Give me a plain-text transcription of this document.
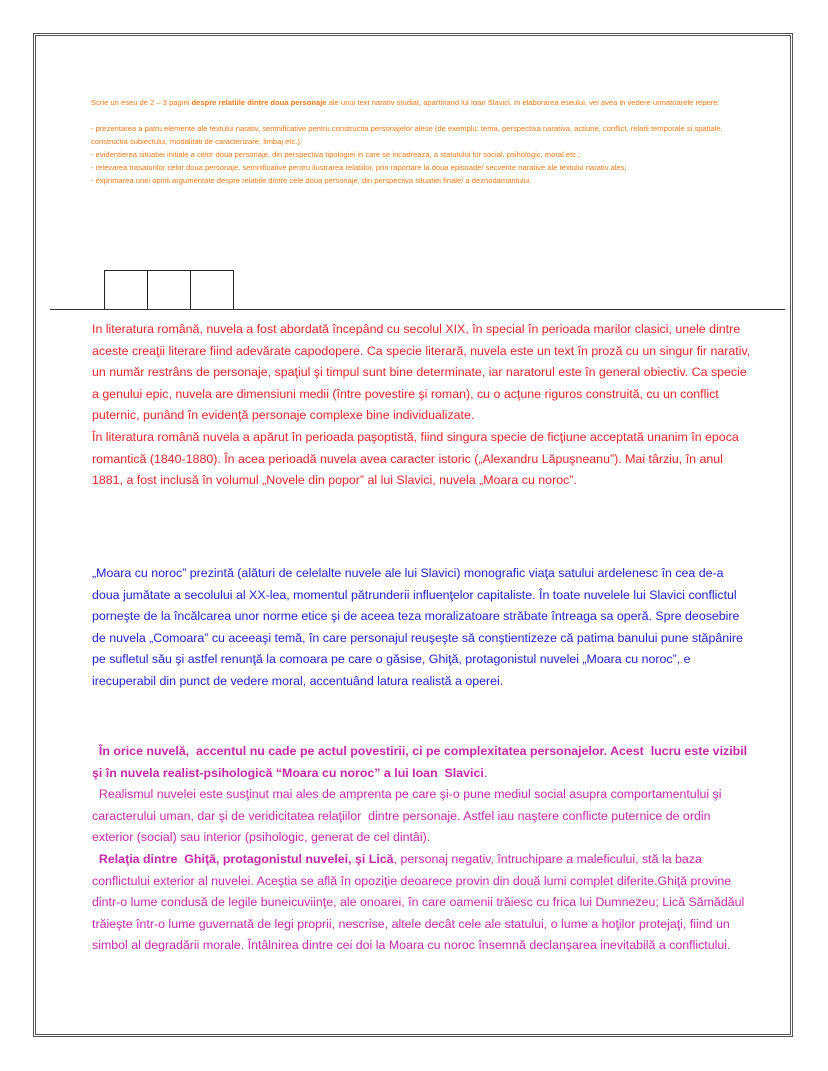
Scrie un eseu de 2 – 3 pagini despre relatiile dintre doua personaje ale unui text narativ studiat, apartinand lui Ioan Slavici. In elaborarea eseului, vei avea in vedere urmatoarele repere:

- prezentarea a patru elemente ale textului narativ, semnificative pentru constructia personajelor alese (de exemplu: tema, perspectiva narativa, actiune, conflict, relatii temporale si spatiale, constructia subiectului, modalitati de caracterizare, limbaj etc.);

- evidentierea situatiei initiale a celor doua personaje, din perspectiva tipologiei in care se incadreaza, a statutului lor social, psihologic, moral etc.;

- relevarea trasaturilor celor doua personaje, semnificative pentru ilustrarea relatiilor, prin raportare la doua episoade/ secvente narative ale textului narativ ales;

- exprimarea unei opinii argumentate despre relatiile dintre cele doua personaje, din perspectiva situatiei finale/ a deznodamantului.

In literatura română, nuvela a fost abordată începând cu secolul XIX, în special în perioada marilor clasici, unele dintre aceste creaţii literare fiind adevărate capodopere. Ca specie literară, nuvela este un text în proză cu un singur fir narativ, un număr restrâns de personaje, spaţiul şi timpul sunt bine determinate, iar naratorul este în general obiectiv. Ca specie a genului epic, nuvela are dimensiuni medii (între povestire şi roman), cu o acţune riguros construită, cu un conflict puternic, punând în evidenţă personaje complexe bine individualizate.

În literatura română nuvela a apărut în perioada paşoptistă, fiind singura specie de ficţiune acceptată unanim în epoca romantică (1840-1880). În acea perioadă nuvela avea caracter istoric („Alexandru Lăpuşneanu”). Mai târziu, în anul 1881, a fost inclusă în volumul „Novele din popor” al lui Slavici, nuvela „Moara cu noroc”.

„Moara cu noroc” prezintă (alături de celelalte nuvele ale lui Slavici) monografic viaţa satului ardelenesc în cea de-a doua jumătate a secolului al XX-lea, momentul pătrunderii influenţelor capitaliste. În toate nuvelele lui Slavici conflictul porneşte de la încălcarea unor norme etice şi de aceea teza moralizatoare străbate întreaga sa operă. Spre deosebire de nuvela „Comoara” cu aceeaşi temă, în care personajul reuşeşte să conştientizeze că patima banului pune stăpânire pe sufletul său şi astfel renunţă la comoara pe care o găsise, Ghiţă, protagonistul nuvelei „Moara cu noroc”, e irecuperabil din punct de vedere moral, accentuând latura realistă a operei.

În orice nuvelă,  accentul nu cade pe actul povestirii, ci pe complexitatea personajelor. Acest  lucru este vizibil şi în nuvela realist-psihologică “Moara cu noroc” a lui Ioan  Slavici.

Realismul nuvelei este susţinut mai ales de amprenta pe care şi-o pune mediul social asupra comportamentului şi caracterului uman, dar şi de veridicitatea relaţiilor  dintre personaje. Astfel iau naştere conflicte puternice de ordin  exterior (social) sau interior (psihologic, generat de cel dintâi).

Relaţia dintre  Ghiţă, protagonistul nuvelei, şi Lică, personaj negativ, întruchipare a maleficului, stă la baza conflictului exterior al nuvelei. Aceştia se află în opoziţie deoarece provin din două lumi complet diferite.Ghiţă provine dintr-o lume condusă de legile buneicuviinţe, ale onoarei, în care oamenii trăiesc cu frica lui Dumnezeu; Lică Sămădăul trăieşte într-o lume guvernată de legi proprii, nescrise, altele decât cele ale statului, o lume a hoţilor protejaţi, fiind un simbol al degradării morale. Întâlnirea dintre cei doi la Moara cu noroc însemnă declanşarea inevitabilă a conflictului.
